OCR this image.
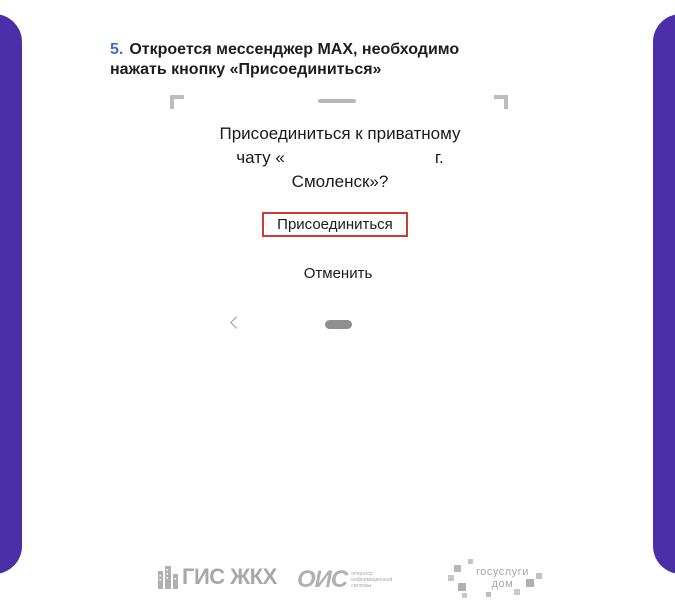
5. Откроется мессенджер MAX, необходимо
нажать кнопку «Присоединиться»
Присоединиться к приватному
чату «	г.
Смоленск»?
Присоединиться
Отменить
ГИС ЖКХ ОИС оператор информационной системы
госуслуги
дом
